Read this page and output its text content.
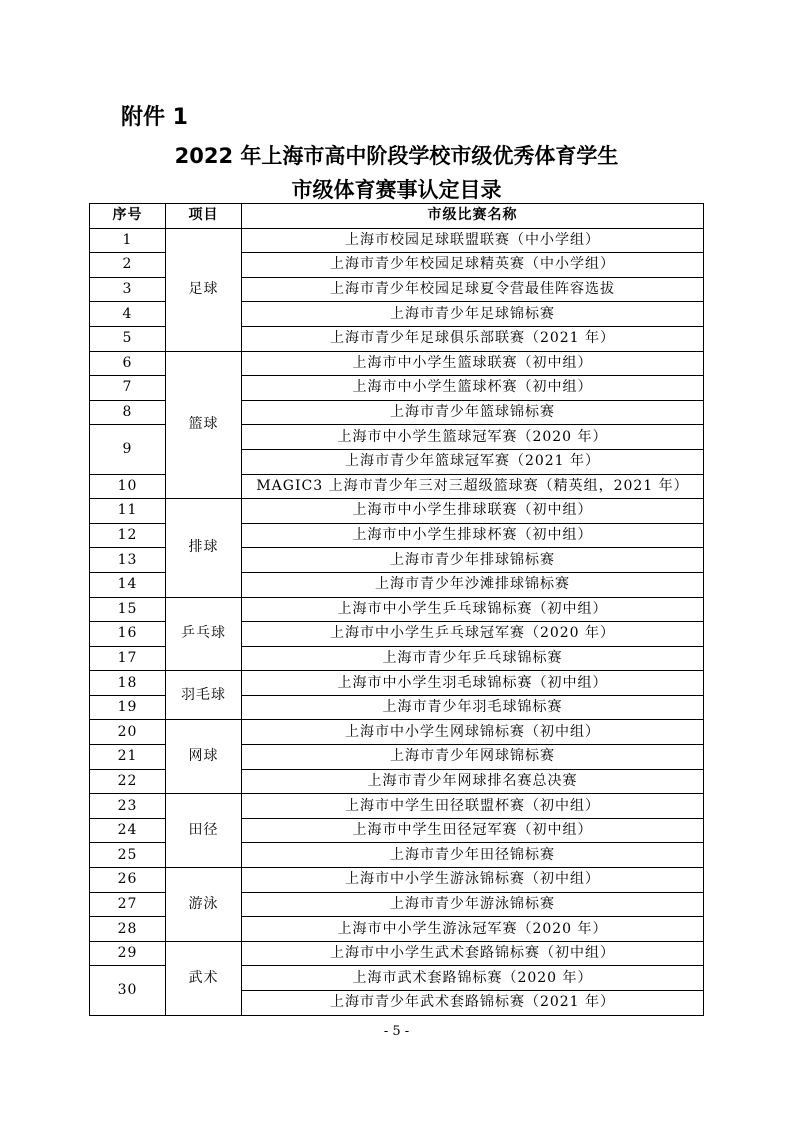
附件 1
2022 年上海市高中阶段学校市级优秀体育学生
市级体育赛事认定目录
序号	项目	市级比赛名称
1	足球	上海市校园足球联盟联赛（中小学组）
2		上海市青少年校园足球精英赛（中小学组）
3		上海市青少年校园足球夏令营最佳阵容选拔
4		上海市青少年足球锦标赛
5		上海市青少年足球俱乐部联赛（2021 年）
6	篮球	上海市中小学生篮球联赛（初中组）
7		上海市中小学生篮球杯赛（初中组）
8		上海市青少年篮球锦标赛
9		上海市中小学生篮球冠军赛（2020 年）
		上海市青少年篮球冠军赛（2021 年）
10		MAGIC3 上海市青少年三对三超级篮球赛（精英组，2021 年）
11	排球	上海市中小学生排球联赛（初中组）
12		上海市中小学生排球杯赛（初中组）
13		上海市青少年排球锦标赛
14		上海市青少年沙滩排球锦标赛
15	乒乓球	上海市中小学生乒乓球锦标赛（初中组）
16		上海市中小学生乒乓球冠军赛（2020 年）
17		上海市青少年乒乓球锦标赛
18	羽毛球	上海市中小学生羽毛球锦标赛（初中组）
19		上海市青少年羽毛球锦标赛
20	网球	上海市中小学生网球锦标赛（初中组）
21		上海市青少年网球锦标赛
22		上海市青少年网球排名赛总决赛
23	田径	上海市中学生田径联盟杯赛（初中组）
24		上海市中学生田径冠军赛（初中组）
25		上海市青少年田径锦标赛
26	游泳	上海市中小学生游泳锦标赛（初中组）
27		上海市青少年游泳锦标赛
28		上海市中小学生游泳冠军赛（2020 年）
29	武术	上海市中小学生武术套路锦标赛（初中组）
30		上海市武术套路锦标赛（2020 年）
		上海市青少年武术套路锦标赛（2021 年）
- 5 -
